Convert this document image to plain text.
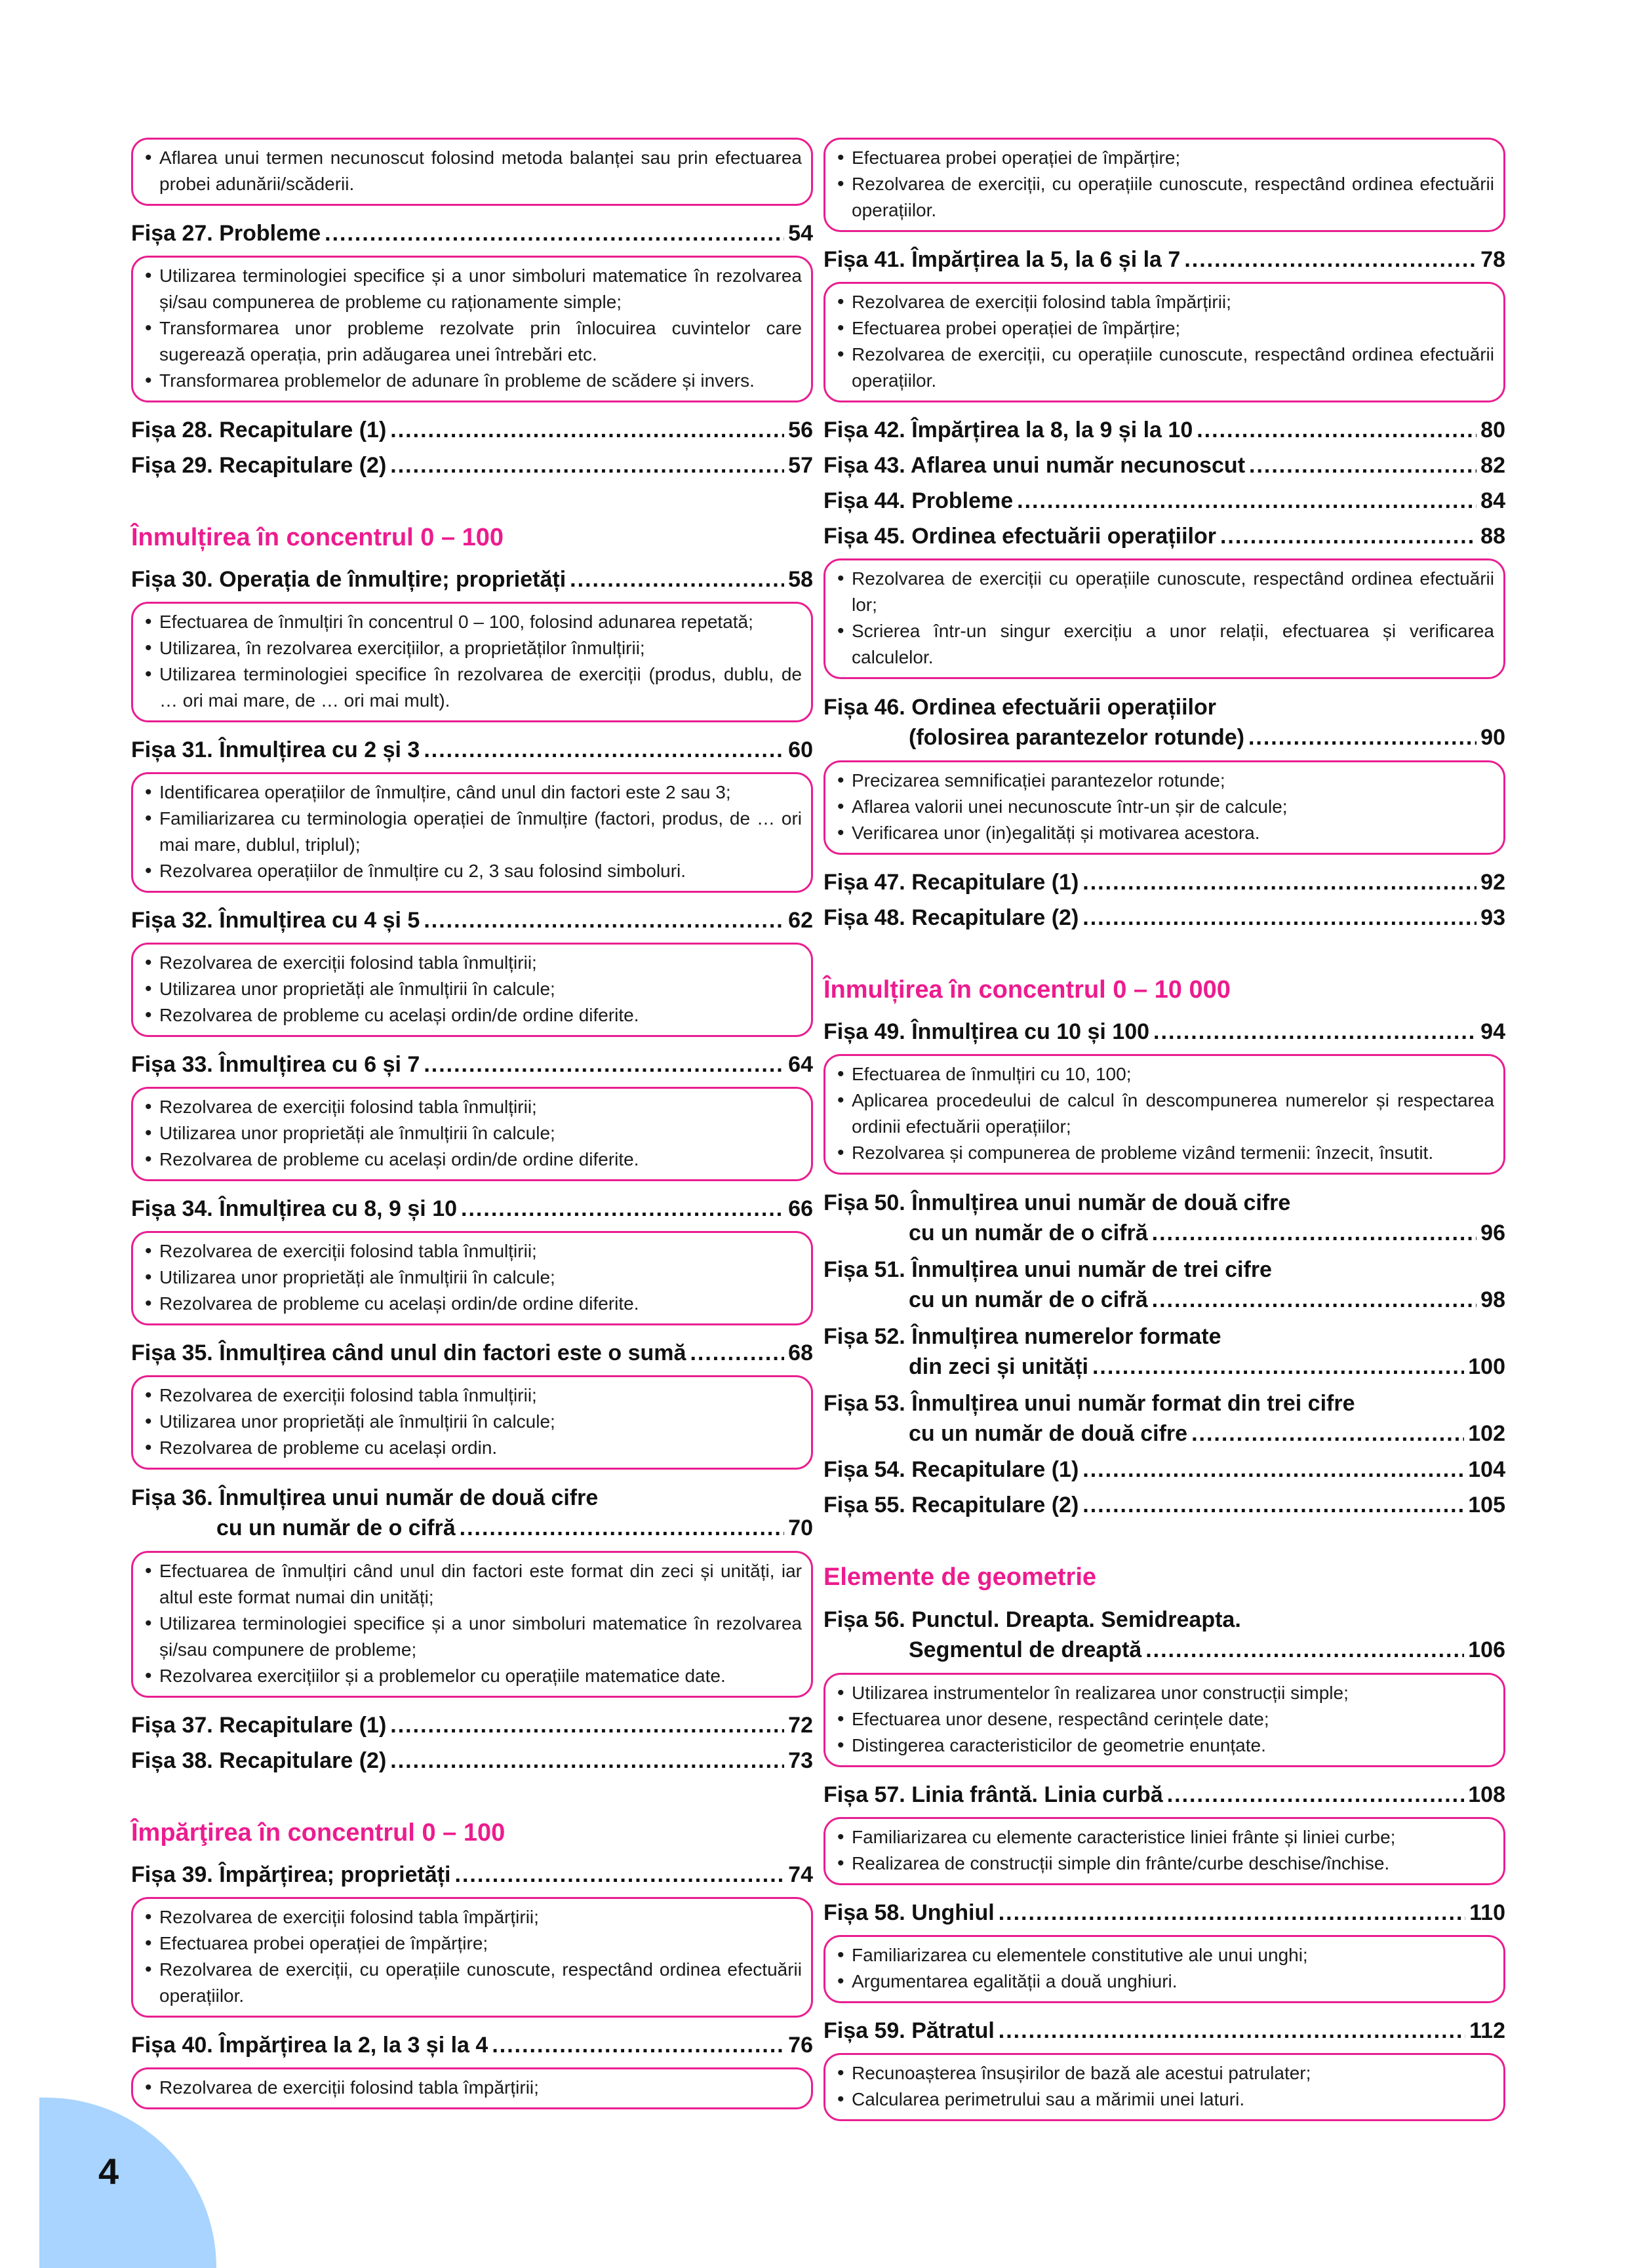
• Aflarea unui termen necunoscut folosind metoda balanței sau prin efectuarea probei adunării/scăderii.
Fișa 27. Probleme .....	54
• Utilizarea terminologiei specifice și a unor simboluri matematice în rezolvarea și/sau compunerea de probleme cu raționamente simple;
• Transformarea unor probleme rezolvate prin înlocuirea cuvintelor care sugerează operația, prin adăugarea unei întrebări etc.
• Transformarea problemelor de adunare în probleme de scădere și invers.
Fișa 28. Recapitulare (1) .....	56
Fișa 29. Recapitulare (2) .....	57
Înmulțirea în concentrul 0 – 100
Fișa 30. Operația de înmulțire; proprietăți .....	58
• Efectuarea de înmulțiri în concentrul 0 – 100, folosind adunarea repetată;
• Utilizarea, în rezolvarea exercițiilor, a proprietăților înmulțirii;
• Utilizarea terminologiei specifice în rezolvarea de exerciții (produs, dublu, de … ori mai mare, de … ori mai mult).
Fișa 31. Înmulțirea cu 2 și 3 .....	60
• Identificarea operațiilor de înmulțire, când unul din factori este 2 sau 3;
• Familiarizarea cu terminologia operației de înmulțire (factori, produs, de … ori mai mare, dublul, triplul);
• Rezolvarea operațiilor de înmulțire cu 2, 3 sau folosind simboluri.
Fișa 32. Înmulțirea cu 4 și 5 .....	62
• Rezolvarea de exerciții folosind tabla înmulțirii;
• Utilizarea unor proprietăți ale înmulțirii în calcule;
• Rezolvarea de probleme cu același ordin/de ordine diferite.
Fișa 33. Înmulțirea cu 6 și 7 .....	64
• Rezolvarea de exerciții folosind tabla înmulțirii;
• Utilizarea unor proprietăți ale înmulțirii în calcule;
• Rezolvarea de probleme cu același ordin/de ordine diferite.
Fișa 34. Înmulțirea cu 8, 9 și 10 .....	66
• Rezolvarea de exerciții folosind tabla înmulțirii;
• Utilizarea unor proprietăți ale înmulțirii în calcule;
• Rezolvarea de probleme cu același ordin/de ordine diferite.
Fișa 35. Înmulțirea când unul din factori este o sumă .....	68
• Rezolvarea de exerciții folosind tabla înmulțirii;
• Utilizarea unor proprietăți ale înmulțirii în calcule;
• Rezolvarea de probleme cu același ordin.
Fișa 36. Înmulțirea unui număr de două cifre
cu un număr de o cifră .....	70
• Efectuarea de înmulțiri când unul din factori este format din zeci și unități, iar altul este format numai din unități;
• Utilizarea terminologiei specifice și a unor simboluri matematice în rezolvarea și/sau compunere de probleme;
• Rezolvarea exercițiilor și a problemelor cu operațiile matematice date.
Fișa 37. Recapitulare (1) .....	72
Fișa 38. Recapitulare (2) .....	73
Împărţirea în concentrul 0 – 100
Fișa 39. Împărțirea; proprietăți .....	74
• Rezolvarea de exerciții folosind tabla împărțirii;
• Efectuarea probei operației de împărțire;
• Rezolvarea de exerciții, cu operațiile cunoscute, respectând ordinea efectuării operațiilor.
Fișa 40. Împărțirea la 2, la 3 și la 4 .....	76
• Rezolvarea de exerciții folosind tabla împărțirii;
• Efectuarea probei operației de împărțire;
• Rezolvarea de exerciții, cu operațiile cunoscute, respectând ordinea efectuării operațiilor.
Fișa 41. Împărțirea la 5, la 6 și la 7 .....	78
• Rezolvarea de exerciții folosind tabla împărțirii;
• Efectuarea probei operației de împărțire;
• Rezolvarea de exerciții, cu operațiile cunoscute, respectând ordinea efectuării operațiilor.
Fișa 42. Împărțirea la 8, la 9 și la 10 .....	80
Fișa 43. Aflarea unui număr necunoscut .....	82
Fișa 44. Probleme .....	84
Fișa 45. Ordinea efectuării operațiilor .....	88
• Rezolvarea de exerciții cu operațiile cunoscute, respectând ordinea efectuării lor;
• Scrierea într-un singur exercițiu a unor relații, efectuarea și verificarea calculelor.
Fișa 46. Ordinea efectuării operațiilor
(folosirea parantezelor rotunde) .....	90
• Precizarea semnificației parantezelor rotunde;
• Aflarea valorii unei necunoscute într-un șir de calcule;
• Verificarea unor (in)egalități și motivarea acestora.
Fișa 47. Recapitulare (1) .....	92
Fișa 48. Recapitulare (2) .....	93
Înmulțirea în concentrul 0 – 10 000
Fișa 49. Înmulțirea cu 10 și 100 .....	94
• Efectuarea de înmulțiri cu 10, 100;
• Aplicarea procedeului de calcul în descompunerea numerelor și respectarea ordinii efectuării operațiilor;
• Rezolvarea și compunerea de probleme vizând termenii: înzecit, însutit.
Fișa 50. Înmulțirea unui număr de două cifre
cu un număr de o cifră .....	96
Fișa 51. Înmulțirea unui număr de trei cifre
cu un număr de o cifră .....	98
Fișa 52. Înmulțirea numerelor formate
din zeci și unități .....	100
Fișa 53. Înmulțirea unui număr format din trei cifre
cu un număr de două cifre .....	102
Fișa 54. Recapitulare (1) .....	104
Fișa 55. Recapitulare (2) .....	105
Elemente de geometrie
Fișa 56. Punctul. Dreapta. Semidreapta.
Segmentul de dreaptă .....	106
• Utilizarea instrumentelor în realizarea unor construcții simple;
• Efectuarea unor desene, respectând cerințele date;
• Distingerea caracteristicilor de geometrie enunțate.
Fișa 57. Linia frântă. Linia curbă .....	108
• Familiarizarea cu elemente caracteristice liniei frânte și liniei curbe;
• Realizarea de construcții simple din frânte/curbe deschise/închise.
Fișa 58. Unghiul .....	110
• Familiarizarea cu elementele constitutive ale unui unghi;
• Argumentarea egalității a două unghiuri.
Fișa 59. Pătratul .....	112
• Recunoașterea însușirilor de bază ale acestui patrulater;
• Calcularea perimetrului sau a mărimii unei laturi.
4
